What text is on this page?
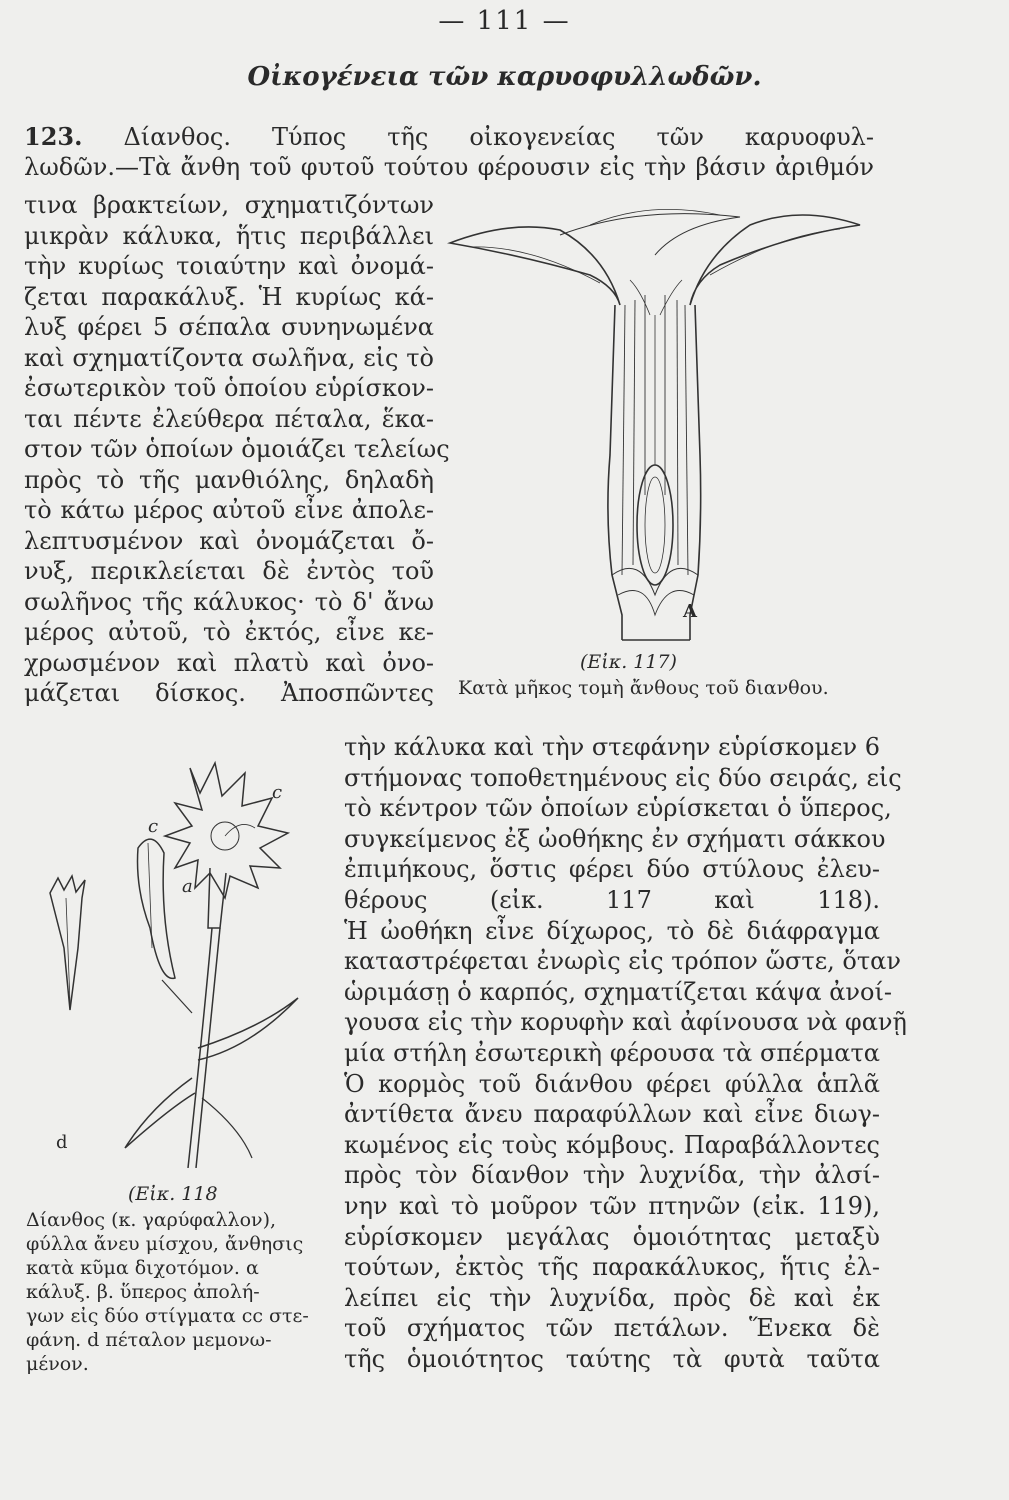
— 111 —
Οἰκογένεια τῶν καρυοφυλλωδῶν.
123. Δίανθος. Τύπος τῆς οἰκογενείας τῶν καρυοφυλ-
λωδῶν.—Τὰ ἄνθη τοῦ φυτοῦ τούτου φέρουσιν εἰς τὴν βάσιν ἀριθμόν
τινα βρακτείων, σχηματιζόντων
μικρὰν κάλυκα, ἥτις περιβάλλει
τὴν κυρίως τοιαύτην καὶ ὀνομά-
ζεται παρακάλυξ. Ἡ κυρίως κά-
λυξ φέρει 5 σέπαλα συνηνωμένα
καὶ σχηματίζοντα σωλῆνα, εἰς τὸ
ἐσωτερικὸν τοῦ ὁποίου εὑρίσκον-
ται πέντε ἐλεύθερα πέταλα, ἕκα-
στον τῶν ὁποίων ὁμοιάζει τελείως
πρὸς τὸ τῆς μανθιόλης, δηλαδὴ
τὸ κάτω μέρος αὐτοῦ εἶνε ἀπολε-
λεπτυσμένον καὶ ὀνομάζεται ὄ-
νυξ, περικλείεται δὲ ἐντὸς τοῦ
σωλῆνος τῆς κάλυκος· τὸ δ' ἄνω
μέρος αὐτοῦ, τὸ ἐκτός, εἶνε κε-
χρωσμένον καὶ πλατὺ καὶ ὀνο-
μάζεται δίσκος. Ἀποσπῶντες
τὴν κάλυκα καὶ τὴν στεφάνην εὑρίσκομεν 6
στήμονας τοποθετημένους εἰς δύο σειράς, εἰς
τὸ κέντρον τῶν ὁποίων εὑρίσκεται ὁ ὕπερος,
συγκείμενος ἐξ ὠοθήκης ἐν σχήματι σάκκου
ἐπιμήκους, ὅστις φέρει δύο στύλους ἐλευ-
θέρους (εἰκ. 117 καὶ 118).
Ἡ ὠοθήκη εἶνε δίχωρος, τὸ δὲ διάφραγμα
καταστρέφεται ἐνωρὶς εἰς τρόπον ὥστε, ὅταν
ὡριμάσῃ ὁ καρπός, σχηματίζεται κάψα ἀνοί-
γουσα εἰς τὴν κορυφὴν καὶ ἀφίνουσα νὰ φανῇ
μία στήλη ἐσωτερικὴ φέρουσα τὰ σπέρματα
Ὁ κορμὸς τοῦ διάνθου φέρει φύλλα ἁπλᾶ
ἀντίθετα ἄνευ παραφύλλων καὶ εἶνε διωγ-
κωμένος εἰς τοὺς κόμβους. Παραβάλλοντες
πρὸς τὸν δίανθον τὴν λυχνίδα, τὴν ἀλσί-
νην καὶ τὸ μοῦρον τῶν πτηνῶν (εἰκ. 119),
εὑρίσκομεν μεγάλας ὁμοιότητας μεταξὺ
τούτων, ἐκτὸς τῆς παρακάλυκος, ἥτις ἐλ-
λείπει εἰς τὴν λυχνίδα, πρὸς δὲ καὶ ἐκ
τοῦ σχήματος τῶν πετάλων. Ἕνεκα δὲ
τῆς ὁμοιότητος ταύτης τὰ φυτὰ ταῦτα
A
(Εἰκ. 117)
Κατὰ μῆκος τομὴ ἄνθους τοῦ διανθου.
c
c
a
d
(Εἰκ. 118
Δίανθος (κ. γαρύφαλλον),
φύλλα ἄνευ μίσχου, ἄνθησις
κατὰ κῦμα διχοτόμον. α
κάλυξ. β. ὕπερος ἀπολή-
γων εἰς δύο στίγματα cc στε-
φάνη. d πέταλον μεμονω-
μένον.
